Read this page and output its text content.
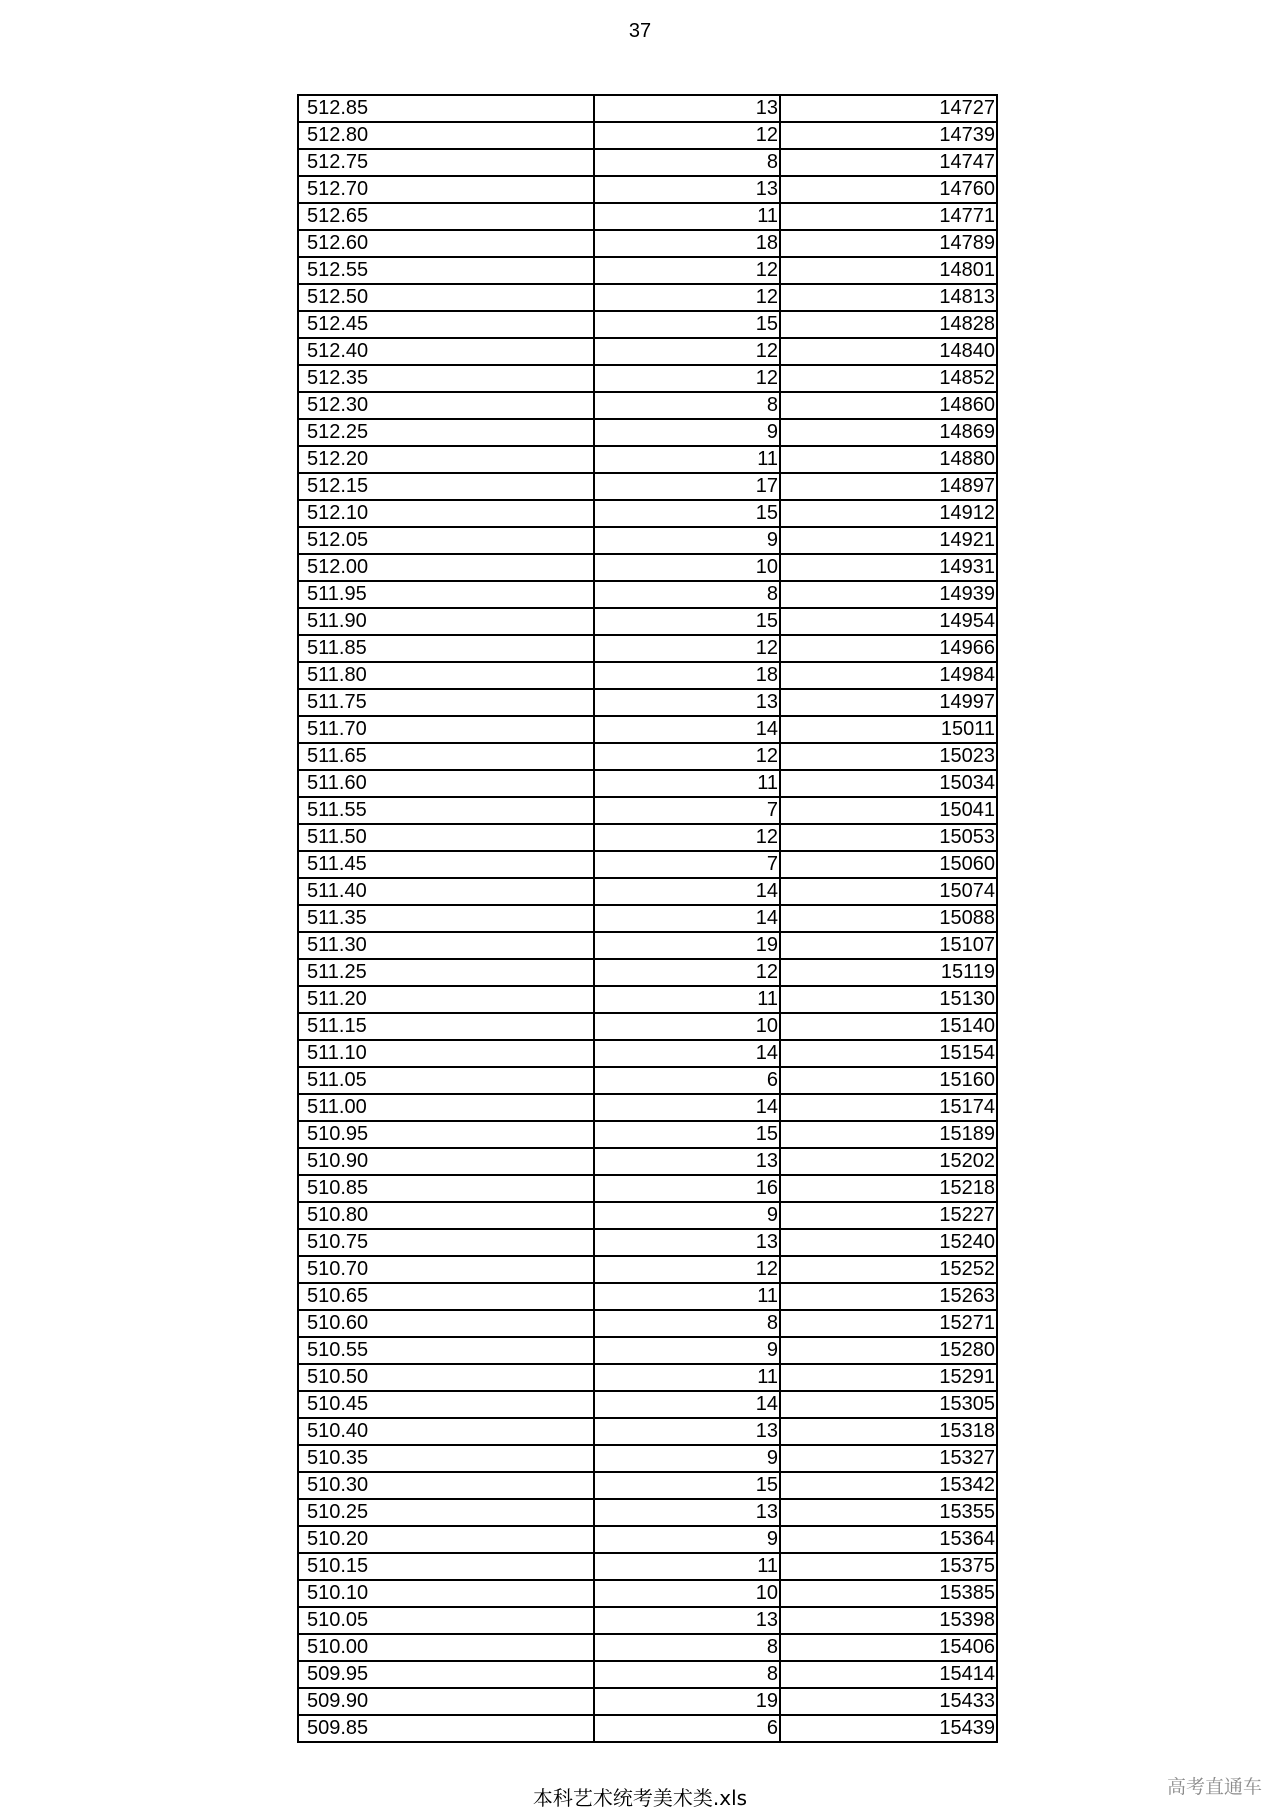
37
512.85	13	14727
512.80	12	14739
512.75	8	14747
512.70	13	14760
512.65	11	14771
512.60	18	14789
512.55	12	14801
512.50	12	14813
512.45	15	14828
512.40	12	14840
512.35	12	14852
512.30	8	14860
512.25	9	14869
512.20	11	14880
512.15	17	14897
512.10	15	14912
512.05	9	14921
512.00	10	14931
511.95	8	14939
511.90	15	14954
511.85	12	14966
511.80	18	14984
511.75	13	14997
511.70	14	15011
511.65	12	15023
511.60	11	15034
511.55	7	15041
511.50	12	15053
511.45	7	15060
511.40	14	15074
511.35	14	15088
511.30	19	15107
511.25	12	15119
511.20	11	15130
511.15	10	15140
511.10	14	15154
511.05	6	15160
511.00	14	15174
510.95	15	15189
510.90	13	15202
510.85	16	15218
510.80	9	15227
510.75	13	15240
510.70	12	15252
510.65	11	15263
510.60	8	15271
510.55	9	15280
510.50	11	15291
510.45	14	15305
510.40	13	15318
510.35	9	15327
510.30	15	15342
510.25	13	15355
510.20	9	15364
510.15	11	15375
510.10	10	15385
510.05	13	15398
510.00	8	15406
509.95	8	15414
509.90	19	15433
509.85	6	15439
本科艺术统考美术类.xls	高考直通车
